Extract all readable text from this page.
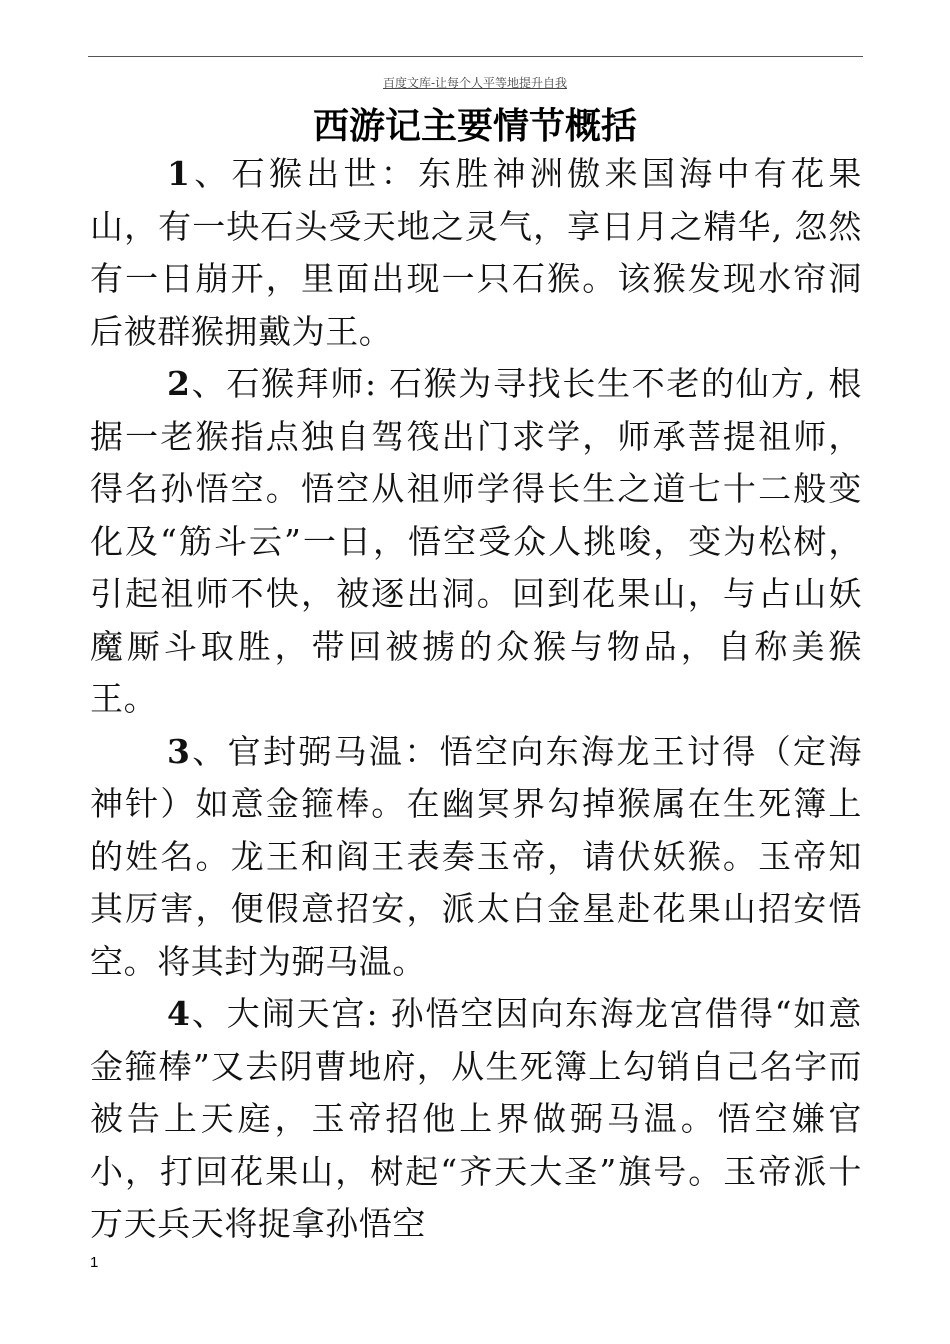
百度文库-让每个人平等地提升自我
西游记主要情节概括

1、石猴出世：东胜神洲傲来国海中有花果山，有一块石头受天地之灵气，享日月之精华, 忽然有一日崩开，里面出现一只石猴。该猴发现水帘洞后被群猴拥戴为王。

2、石猴拜师: 石猴为寻找长生不老的仙方, 根据一老猴指点独自驾筏出门求学，师承菩提祖师，得名孙悟空。悟空从祖师学得长生之道七十二般变化及“筋斗云”一日，悟空受众人挑唆，变为松树，引起祖师不快，被逐出洞。回到花果山，与占山妖魔厮斗取胜，带回被掳的众猴与物品，自称美猴王。

3、官封弼马温：悟空向东海龙王讨得（定海神针）如意金箍棒。在幽冥界勾掉猴属在生死簿上的姓名。龙王和阎王表奏玉帝，请伏妖猴。玉帝知其厉害，便假意招安，派太白金星赴花果山招安悟空。将其封为弼马温。

4、大闹天宫: 孙悟空因向东海龙宫借得“如意金箍棒”又去阴曹地府，从生死簿上勾销自己名字而被告上天庭，玉帝招他上界做弼马温。悟空嫌官小，打回花果山，树起“齐天大圣”旗号。玉帝派十万天兵天将捉拿孙悟空

1
